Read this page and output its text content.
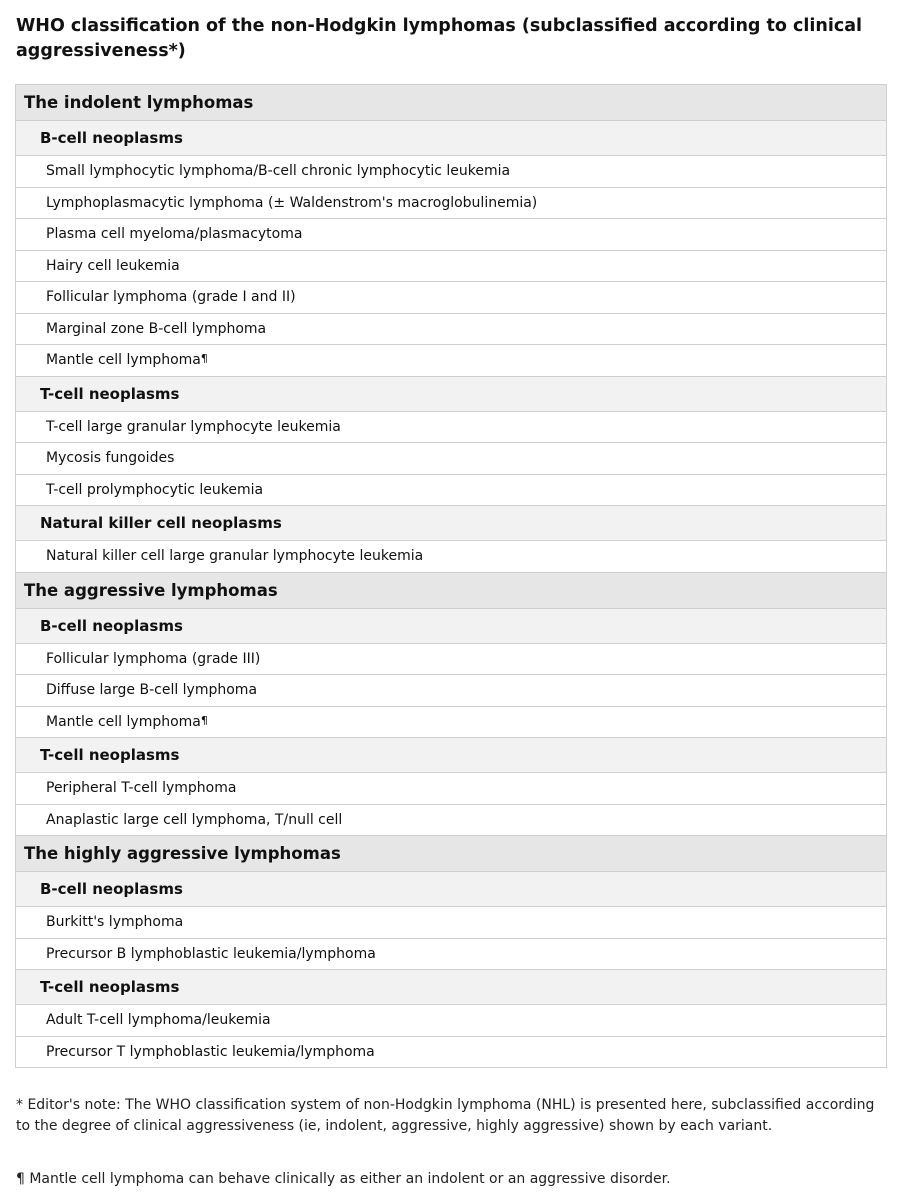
WHO classification of the non-Hodgkin lymphomas (subclassified according to clinical aggressiveness*)
The indolent lymphomas
B-cell neoplasms
Small lymphocytic lymphoma/B-cell chronic lymphocytic leukemia
Lymphoplasmacytic lymphoma (± Waldenstrom's macroglobulinemia)
Plasma cell myeloma/plasmacytoma
Hairy cell leukemia
Follicular lymphoma (grade I and II)
Marginal zone B-cell lymphoma
Mantle cell lymphoma¶
T-cell neoplasms
T-cell large granular lymphocyte leukemia
Mycosis fungoides
T-cell prolymphocytic leukemia
Natural killer cell neoplasms
Natural killer cell large granular lymphocyte leukemia
The aggressive lymphomas
B-cell neoplasms
Follicular lymphoma (grade III)
Diffuse large B-cell lymphoma
Mantle cell lymphoma¶
T-cell neoplasms
Peripheral T-cell lymphoma
Anaplastic large cell lymphoma, T/null cell
The highly aggressive lymphomas
B-cell neoplasms
Burkitt's lymphoma
Precursor B lymphoblastic leukemia/lymphoma
T-cell neoplasms
Adult T-cell lymphoma/leukemia
Precursor T lymphoblastic leukemia/lymphoma
* Editor's note: The WHO classification system of non-Hodgkin lymphoma (NHL) is presented here, subclassified according to the degree of clinical aggressiveness (ie, indolent, aggressive, highly aggressive) shown by each variant.
¶ Mantle cell lymphoma can behave clinically as either an indolent or an aggressive disorder.
